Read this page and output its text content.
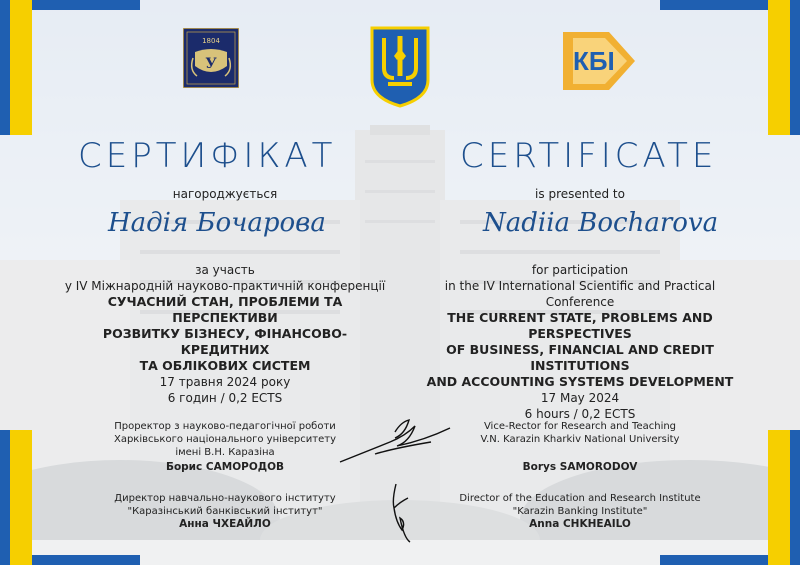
1804
У	КБІ
СЕРТИФІКАТ	CERTIFICATE
нагороджується	is presented to
Надія Бочарова	Nadiia Bocharova
за участь
у IV Міжнародній науково-практичній конференції
СУЧАСНИЙ СТАН, ПРОБЛЕМИ ТА ПЕРСПЕКТИВИ
РОЗВИТКУ БІЗНЕСУ, ФІНАНСОВО-КРЕДИТНИХ
ТА ОБЛІКОВИХ СИСТЕМ
17 травня 2024 року
6 годин / 0,2 ECTS
for participation
in the IV International Scientific and Practical Conference
THE CURRENT STATE, PROBLEMS AND PERSPECTIVES
OF BUSINESS, FINANCIAL AND CREDIT INSTITUTIONS
AND ACCOUNTING SYSTEMS DEVELOPMENT
17 May 2024
6 hours / 0,2 ECTS
Проректор з науково-педагогічної роботи
Харківського національного університету
імені В.Н. Каразіна
Борис САМОРОДОВ
Vice-Rector for Research and Teaching
V.N. Karazin Kharkiv National University
Borys SAMORODOV
Директор навчально-наукового інституту
"Каразінський банківський інститут"
Анна ЧХЕАЙЛО
Director of the Education and Research Institute
"Karazin Banking Institute"
Anna CHKHEAILO
